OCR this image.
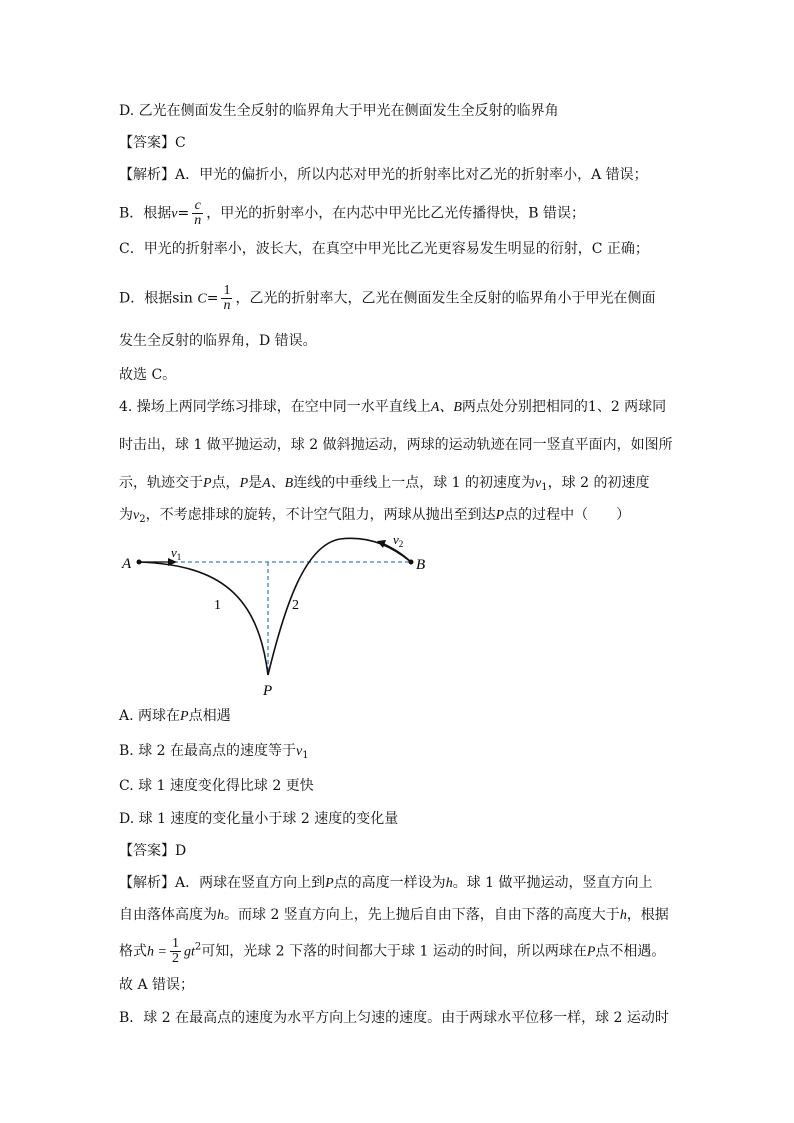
D. 乙光在侧面发生全反射的临界角大于甲光在侧面发生全反射的临界角
【答案】C
【解析】A．甲光的偏折小，所以内芯对甲光的折射率比对乙光的折射率小，A 错误；
B．根据$v= \frac{c}{n}$ ，甲光的折射率小，在内芯中甲光比乙光传播得快，B 错误；
C．甲光的折射率小，波长大，在真空中甲光比乙光更容易发生明显的衍射，C 正确；
D．根据$\sin C= \frac{1}{n}$ ，乙光的折射率大，乙光在侧面发生全反射的临界角小于甲光在侧面
发生全反射的临界角，D 错误。
故选 C。
4. 操场上两同学练习排球，在空中同一水平直线上A、B两点处分别把相同的1、2 两球同
时击出，球 1 做平抛运动，球 2 做斜抛运动，两球的运动轨迹在同一竖直平面内，如图所
示，轨迹交于P点，P是A、B连线的中垂线上一点，球 1 的初速度为$v_1$，球 2 的初速度
为$v_2$，不考虑排球的旋转，不计空气阻力，两球从抛出至到达P点的过程中（　　）
A	B
P
1	2
$v_1$
$v_2$
A. 两球在P点相遇
B. 球 2 在最高点的速度等于$v_1$
C. 球 1 速度变化得比球 2 更快
D. 球 1 速度的变化量小于球 2 速度的变化量
【答案】D
【解析】A．两球在竖直方向上到P点的高度一样设为h。球 1 做平抛运动，竖直方向上
自由落体高度为h。而球 2 竖直方向上，先上抛后自由下落，自由下落的高度大于h，根据
格式$h = \frac{1}{2} gt^2$可知，光球 2 下落的时间都大于球 1 运动的时间，所以两球在P点不相遇。
故 A 错误；
B．球 2 在最高点的速度为水平方向上匀速的速度。由于两球水平位移一样，球 2 运动时
